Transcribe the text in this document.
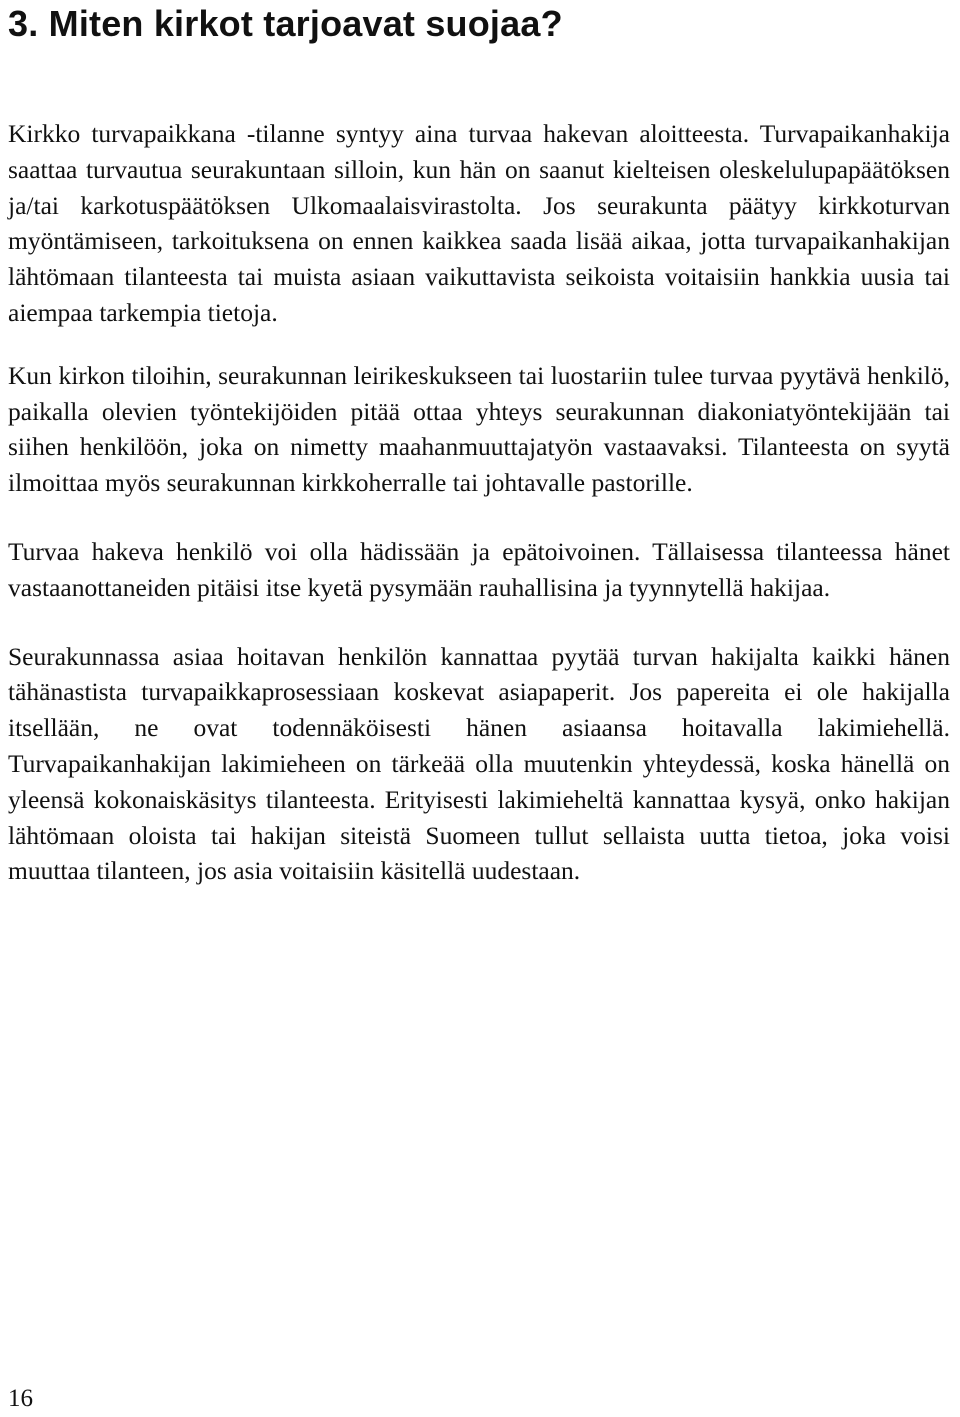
3. Miten kirkot tarjoavat suojaa?

Kirkko turvapaikkana -tilanne syntyy aina turvaa hakevan aloitteesta. Turvapaikanhakija saattaa turvautua seurakuntaan silloin, kun hän on saanut kielteisen oleskelulupapäätöksen ja/tai karkotuspäätöksen Ulkomaalaisvirastolta. Jos seurakunta päätyy kirkkoturvan myöntämiseen, tarkoituksena on ennen kaikkea saada lisää aikaa, jotta turvapaikanhakijan lähtömaan tilanteesta tai muista asiaan vaikuttavista seikoista voitaisiin hankkia uusia tai aiempaa tarkempia tietoja.

Kun kirkon tiloihin, seurakunnan leirikeskukseen tai luostariin tulee turvaa pyytävä henkilö, paikalla olevien työntekijöiden pitää ottaa yhteys seurakunnan diakoniatyöntekijään tai siihen henkilöön, joka on nimetty maahanmuuttajatyön vastaavaksi. Tilanteesta on syytä ilmoittaa myös seurakunnan kirkkoherralle tai johtavalle pastorille.

Turvaa hakeva henkilö voi olla hädissään ja epätoivoinen. Tällaisessa tilanteessa hänet vastaanottaneiden pitäisi itse kyetä pysymään rauhallisina ja tyynnytellä hakijaa.

Seurakunnassa asiaa hoitavan henkilön kannattaa pyytää turvan hakijalta kaikki hänen tähänastista turvapaikkaprosessiaan koskevat asiapaperit. Jos papereita ei ole hakijalla itsellään, ne ovat todennäköisesti hänen asiaansa hoitavalla lakimiehellä. Turvapaikanhakijan lakimieheen on tärkeää olla muutenkin yhteydessä, koska hänellä on yleensä kokonaiskäsitys tilanteesta. Erityisesti lakimieheltä kannattaa kysyä, onko hakijan lähtömaan oloista tai hakijan siteistä Suomeen tullut sellaista uutta tietoa, joka voisi muuttaa tilanteen, jos asia voitaisiin käsitellä uudestaan.

16
